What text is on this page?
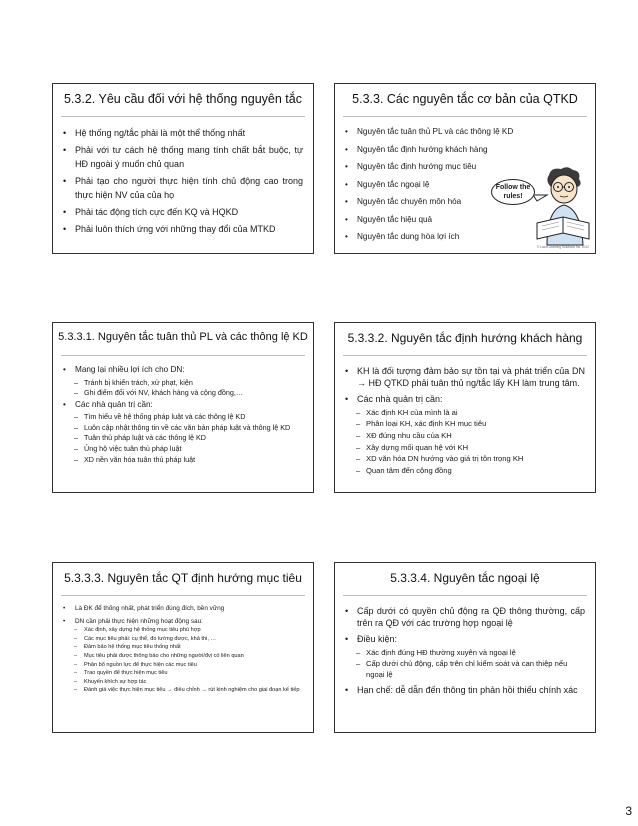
5.3.2. Yêu cầu đối với hệ thống nguyên tắc
• Hệ thống ng/tắc phải là một thể thống nhất
• Phải với tư cách hệ thống mang tính chất bắt buộc, tự HĐ ngoài ý muốn chủ quan
• Phải tạo cho người thực hiện tính chủ động cao trong thực hiện NV của của họ
• Phải tác động tích cực đến KQ và HQKD
• Phải luôn thích ứng với những thay đổi của MTKD
5.3.3. Các nguyên tắc cơ bản của QTKD
• Nguyên tắc tuân thủ PL và các thông lệ KD
• Nguyên tắc định hướng khách hàng
• Nguyên tắc định hướng mục tiêu
• Nguyên tắc ngoại lệ
• Nguyên tắc chuyên môn hóa
• Nguyên tắc hiệu quả
• Nguyên tắc dung hòa lợi ích
Follow the rules!
© Lucid Learning Solutions Inc. 2012
5.3.3.1. Nguyên tắc tuân thủ PL và các thông lệ KD
• Mang lại nhiều lợi ích cho DN:
– Tránh bị khiển trách, xử phạt, kiện
– Ghi điểm đối với NV, khách hàng và cộng đồng,…
• Các nhà quản trị cần:
– Tìm hiểu về hệ thống pháp luật và các thông lệ KD
– Luôn cập nhật thông tin về các văn bản pháp luật và thông lệ KD
– Tuân thủ pháp luật và các thông lệ KD
– Ủng hộ việc tuân thủ pháp luật
– XD nền văn hóa tuân thủ pháp luật
5.3.3.2. Nguyên tắc định hướng khách hàng
• KH là đối tượng đảm bảo sự tồn tại và phát triển của DN → HĐ QTKD phải tuân thủ ng/tắc lấy KH làm trung tâm.
• Các nhà quản trị cần:
– Xác định KH của mình là ai
– Phân loại KH, xác định KH mục tiêu
– XĐ đúng nhu cầu của KH
– Xây dựng mối quan hệ với KH
– XD văn hóa DN hướng vào giá trị tôn trọng KH
– Quan tâm đến cộng đồng
5.3.3.3. Nguyên tắc QT định hướng mục tiêu
• Là ĐK để thống nhất, phát triển đúng đích, bền vững
• DN cần phải thực hiện những hoạt động sau:
– Xác định, xây dựng hệ thống mục tiêu phù hợp
– Các mục tiêu phải: cụ thể, đo lường được, khả thi, …
– Đảm bảo hệ thống mục tiêu thống nhất
– Mục tiêu phải được thông báo cho những người/đvị có liên quan
– Phân bổ nguồn lực để thực hiện các mục tiêu
– Trao quyền để thực hiện mục tiêu
– Khuyến khích sự hợp tác
– Đánh giá việc thực hiện mục tiêu → điều chỉnh → rút kinh nghiệm cho giai đoạn kế tiếp
5.3.3.4. Nguyên tắc ngoại lệ
• Cấp dưới có quyền chủ động ra QĐ thông thường, cấp trên ra QĐ với các trường hợp ngoại lệ
• Điều kiện:
– Xác định đúng HĐ thường xuyên và ngoại lệ
– Cấp dưới chủ động, cấp trên chỉ kiểm soát và can thiệp nếu ngoại lệ
• Hạn chế: dễ dẫn đến thông tin phản hồi thiếu chính xác
3
